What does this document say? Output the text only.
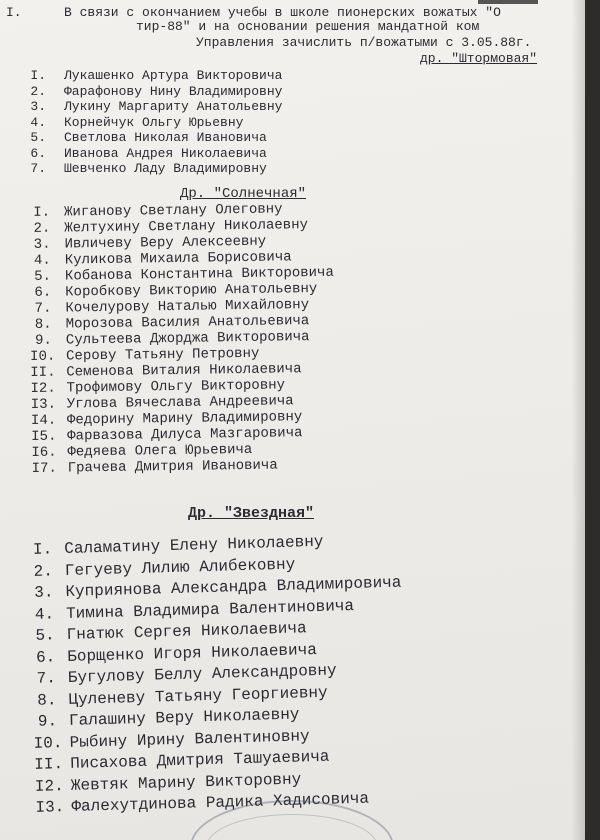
I.	В связи с окончанием учебы в школе пионерских вожатых "О
тир-88" и на основании решения мандатной ком
Управления зачислить п/вожатыми с 3.05.88г.
др. "Штормовая"
I. Лукашенко Артура Викторовича
2. Фарафонову Нину Владимировну
3. Лукину Маргариту Анатольевну
4. Корнейчук Ольгу Юрьевну
5. Светлова Николая Ивановича
6. Иванова Андрея Николаевича
7. Шевченко Ладу Владимировну
Др. "Солнечная"
I. Жиганову Светлану Олеговну
2. Желтухину Светлану Николаевну
3. Ивличеву Веру Алексеевну
4. Куликова Михаила Борисовича
5. Кобанова Константина Викторовича
6. Коробкову Викторию Анатольевну
7. Кочелурову Наталью Михайловну
8. Морозова Василия Анатольевича
9. Сультеева Джорджа Викторовича
I0. Серову Татьяну Петровну
II. Семенова Виталия Николаевича
I2. Трофимову Ольгу Викторовну
I3. Углова Вячеслава Андреевича
I4. Федорину Марину Владимировну
I5. Фарвазова Дилуса Мазгаровича
I6. Федяева Олега Юрьевича
I7. Грачева Дмитрия Ивановича
Др. "Звездная"
I. Саламатину Елену Николаевну
2. Гегуеву Лилию Алибековну
3. Куприянова Александра Владимировича
4. Тимина Владимира Валентиновича
5. Гнатюк Сергея Николаевича
6. Борщенко Игоря Николаевича
7. Бугулову Беллу Александровну
8. Цуленеву Татьяну Георгиевну
9. Галашину Веру Николаевну
I0. Рыбину Ирину Валентиновну
II. Писахова Дмитрия Ташуаевича
I2. Жевтяк Марину Викторовну
I3. Фалехутдинова Радика Хадисовича
